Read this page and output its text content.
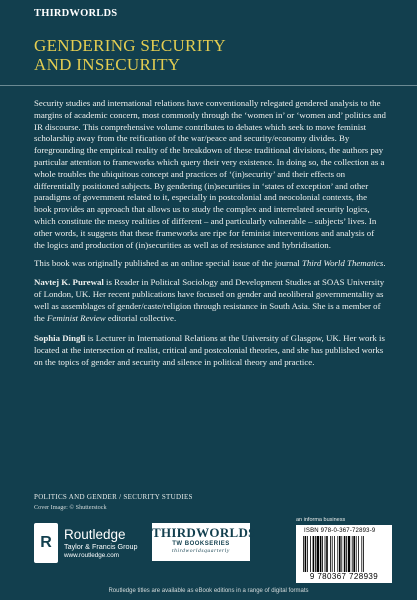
THIRDWORLDS
GENDERING SECURITY
AND INSECURITY

Security studies and international relations have conventionally relegated gendered analysis to the margins of academic concern, most commonly through the ‘women in’ or ‘women and’ politics and IR discourse. This comprehensive volume contributes to debates which seek to move feminist scholarship away from the reification of the war/peace and security/economy divides. By foregrounding the empirical reality of the breakdown of these traditional divisions, the authors pay particular attention to frameworks which query their very existence. In doing so, the collection as a whole troubles the ubiquitous concept and practices of ‘(in)security’ and their effects on differentially positioned subjects. By gendering (in)securities in ‘states of exception’ and other paradigms of government related to it, especially in postcolonial and neocolonial contexts, the book provides an approach that allows us to study the complex and interrelated security logics, which constitute the messy realities of different – and particularly vulnerable – subjects’ lives. In other words, it suggests that these frameworks are ripe for feminist interventions and analysis of the logics and production of (in)securities as well as of resistance and hybridisation.

This book was originally published as an online special issue of the journal Third World Thematics.

Navtej K. Purewal is Reader in Political Sociology and Development Studies at SOAS University of London, UK. Her recent publications have focused on gender and neoliberal governmentality as well as assemblages of gender/caste/religion through resistance in South Asia. She is a member of the Feminist Review editorial collective.

Sophia Dingli is Lecturer in International Relations at the University of Glasgow, UK. Her work is located at the intersection of realist, critical and postcolonial theories, and she has published works on the topics of gender and security and silence in political theory and practice.

POLITICS AND GENDER / SECURITY STUDIES
Cover Image: © Shutterstock
R Routledge
Taylor & Francis Group
www.routledge.com
THIRDWORLDS
TW BOOKSERIES
thirdworldsquarterly
an informa business
ISBN 978-0-367-72893-9
9 780367 728939
Routledge titles are available as eBook editions in a range of digital formats
